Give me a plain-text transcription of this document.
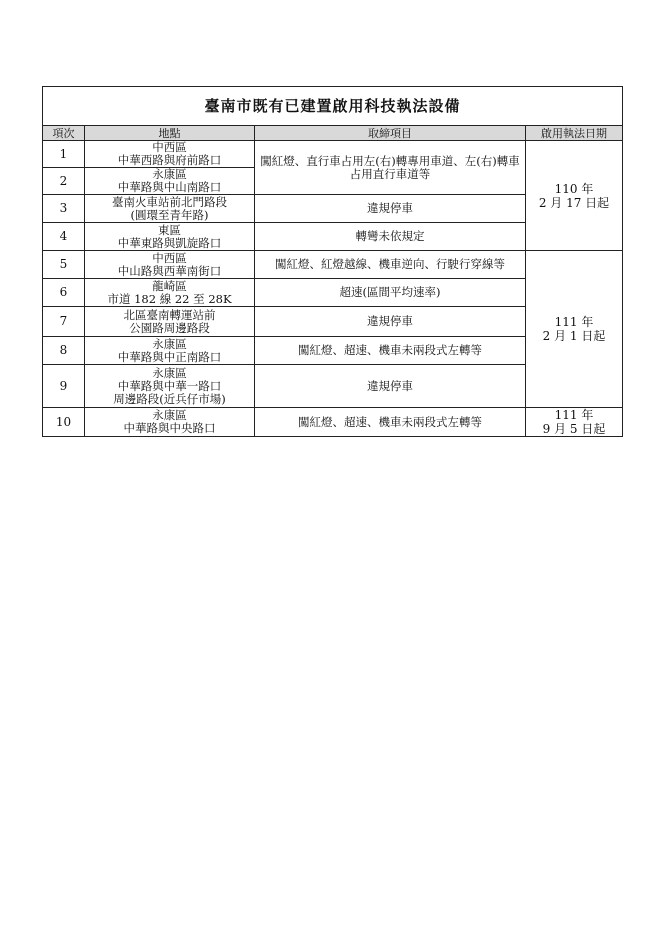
臺南市既有已建置啟用科技執法設備			
項次	地點	取締項目	啟用執法日期
1	中西區
中華西路與府前路口	闖紅燈、直行車占用左(右)轉專用車道、左(右)轉車占用直行車道等	110 年
2 月 17 日起

2	永康區
中華路與中山南路口		

3	臺南火車站前北門路段
(圓環至青年路)	違規停車	
4	東區
中華東路與凱旋路口	轉彎未依規定	
5	中西區
中山路與西華南街口	闖紅燈、紅燈越線、機車逆向、行駛行穿線等	111 年
2 月 1 日起

6	龍崎區
市道 182 線 22 至 28K	超速(區間平均速率)	
7	北區臺南轉運站前
公園路周邊路段	違規停車	
8	永康區
中華路與中正南路口	闖紅燈、超速、機車未兩段式左轉等	
9	永康區
中華路與中華一路口
周邊路段(近兵仔市場)	違規停車	
10	永康區
中華路與中央路口	闖紅燈、超速、機車未兩段式左轉等	111 年
9 月 5 日起
